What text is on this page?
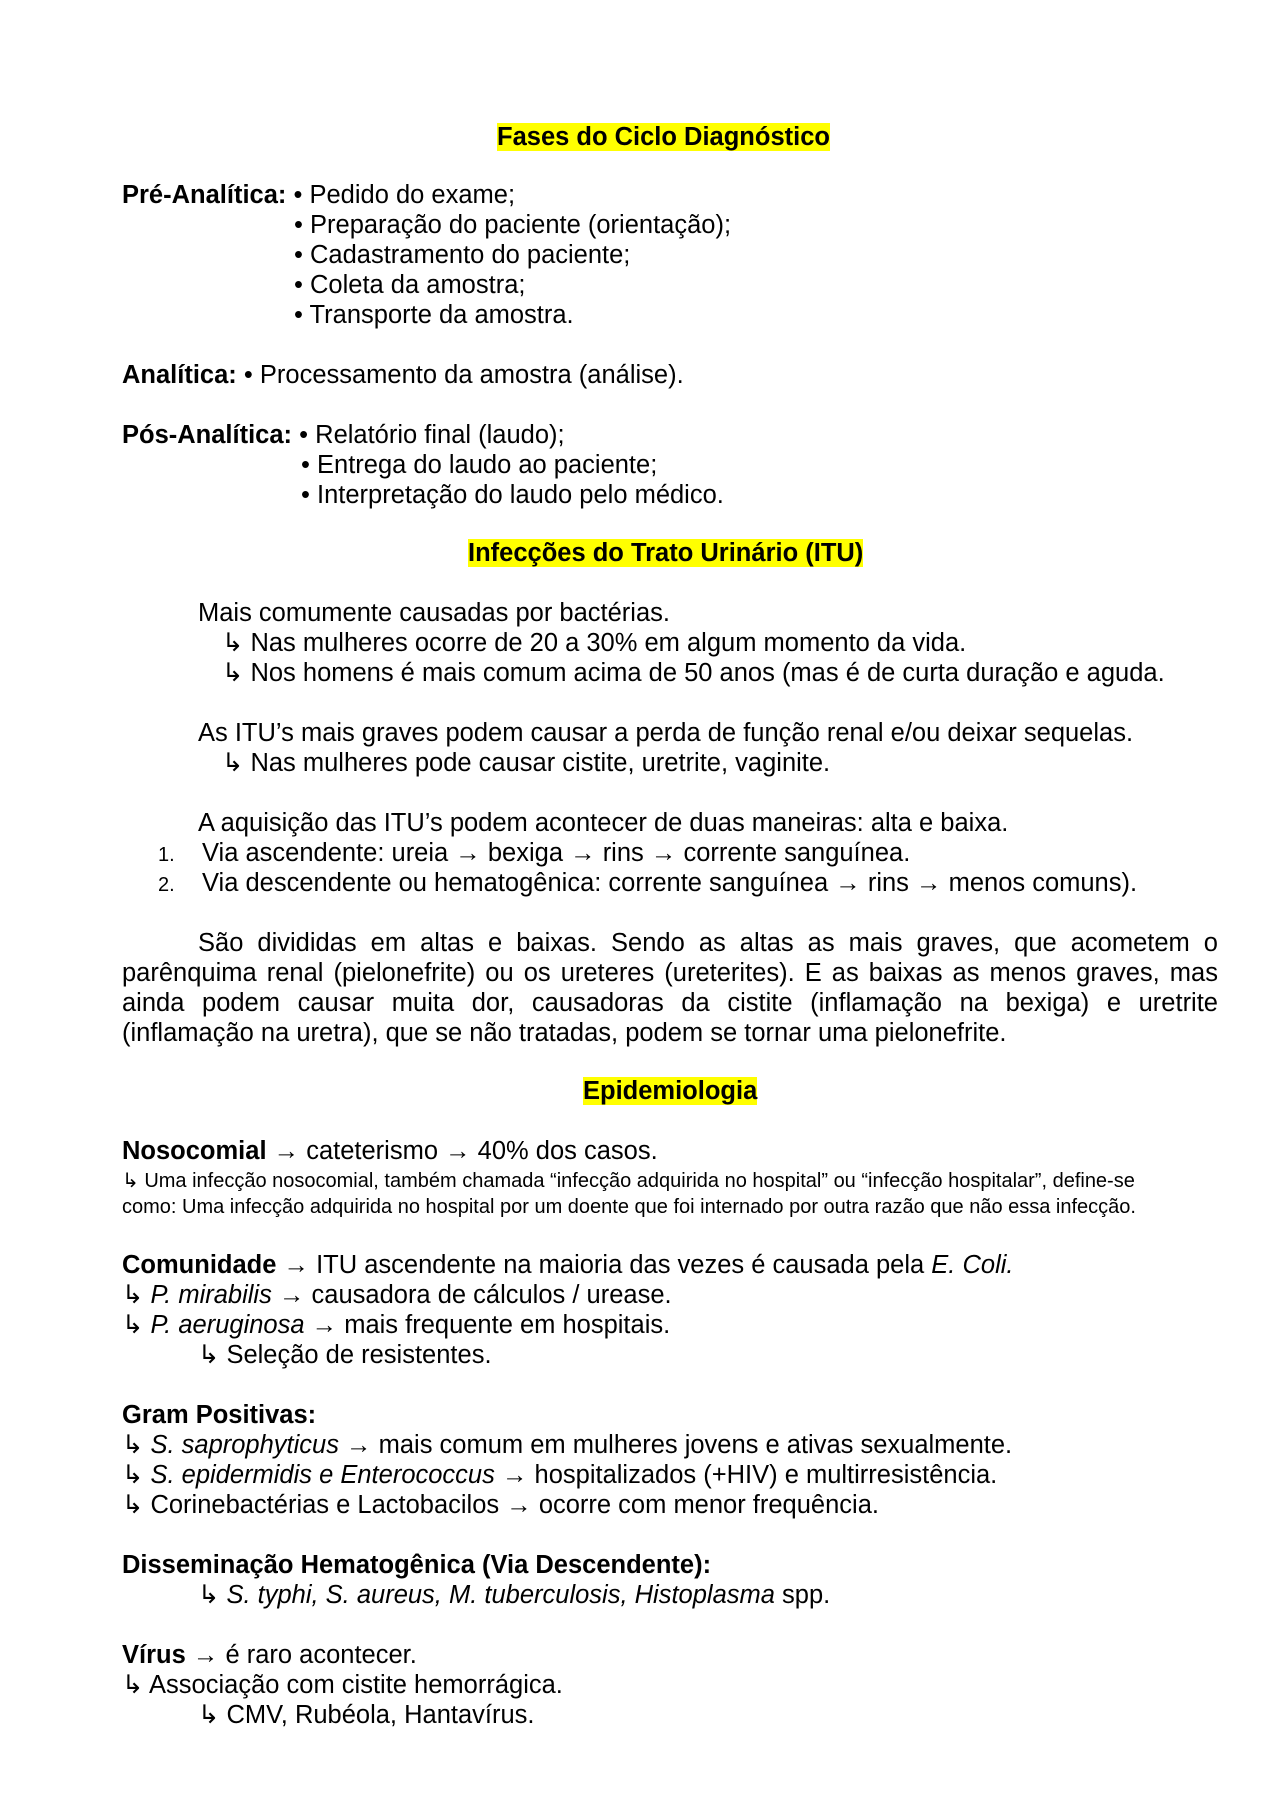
Fases do Ciclo Diagnóstico
Pré-Analítica: • Pedido do exame;
• Preparação do paciente (orientação);
• Cadastramento do paciente;
• Coleta da amostra;
• Transporte da amostra.
Analítica: • Processamento da amostra (análise).
Pós-Analítica: • Relatório final (laudo);
• Entrega do laudo ao paciente;
• Interpretação do laudo pelo médico.
Infecções do Trato Urinário (ITU)
Mais comumente causadas por bactérias.
↳ Nas mulheres ocorre de 20 a 30% em algum momento da vida.
↳ Nos homens é mais comum acima de 50 anos (mas é de curta duração e aguda.
As ITU’s mais graves podem causar a perda de função renal e/ou deixar sequelas.
↳ Nas mulheres pode causar cistite, uretrite, vaginite.
A aquisição das ITU’s podem acontecer de duas maneiras: alta e baixa.
1. Via ascendente: ureia → bexiga → rins → corrente sanguínea.
2. Via descendente ou hematogênica: corrente sanguínea → rins → menos comuns).
São divididas em altas e baixas. Sendo as altas as mais graves, que acometem o
parênquima renal (pielonefrite) ou os ureteres (ureterites). E as baixas as menos graves, mas
ainda podem causar muita dor, causadoras da cistite (inflamação na bexiga) e uretrite
(inflamação na uretra), que se não tratadas, podem se tornar uma pielonefrite.
Epidemiologia
Nosocomial → cateterismo → 40% dos casos.
↳ Uma infecção nosocomial, também chamada “infecção adquirida no hospital” ou “infecção hospitalar”, define-se
como: Uma infecção adquirida no hospital por um doente que foi internado por outra razão que não essa infecção.
Comunidade → ITU ascendente na maioria das vezes é causada pela E. Coli.
↳ P. mirabilis → causadora de cálculos / urease.
↳ P. aeruginosa → mais frequente em hospitais.
↳ Seleção de resistentes.
Gram Positivas:
↳ S. saprophyticus → mais comum em mulheres jovens e ativas sexualmente.
↳ S. epidermidis e Enterococcus → hospitalizados (+HIV) e multirresistência.
↳ Corinebactérias e Lactobacilos → ocorre com menor frequência.
Disseminação Hematogênica (Via Descendente):
↳ S. typhi, S. aureus, M. tuberculosis, Histoplasma spp.
Vírus → é raro acontecer.
↳ Associação com cistite hemorrágica.
↳ CMV, Rubéola, Hantavírus.
